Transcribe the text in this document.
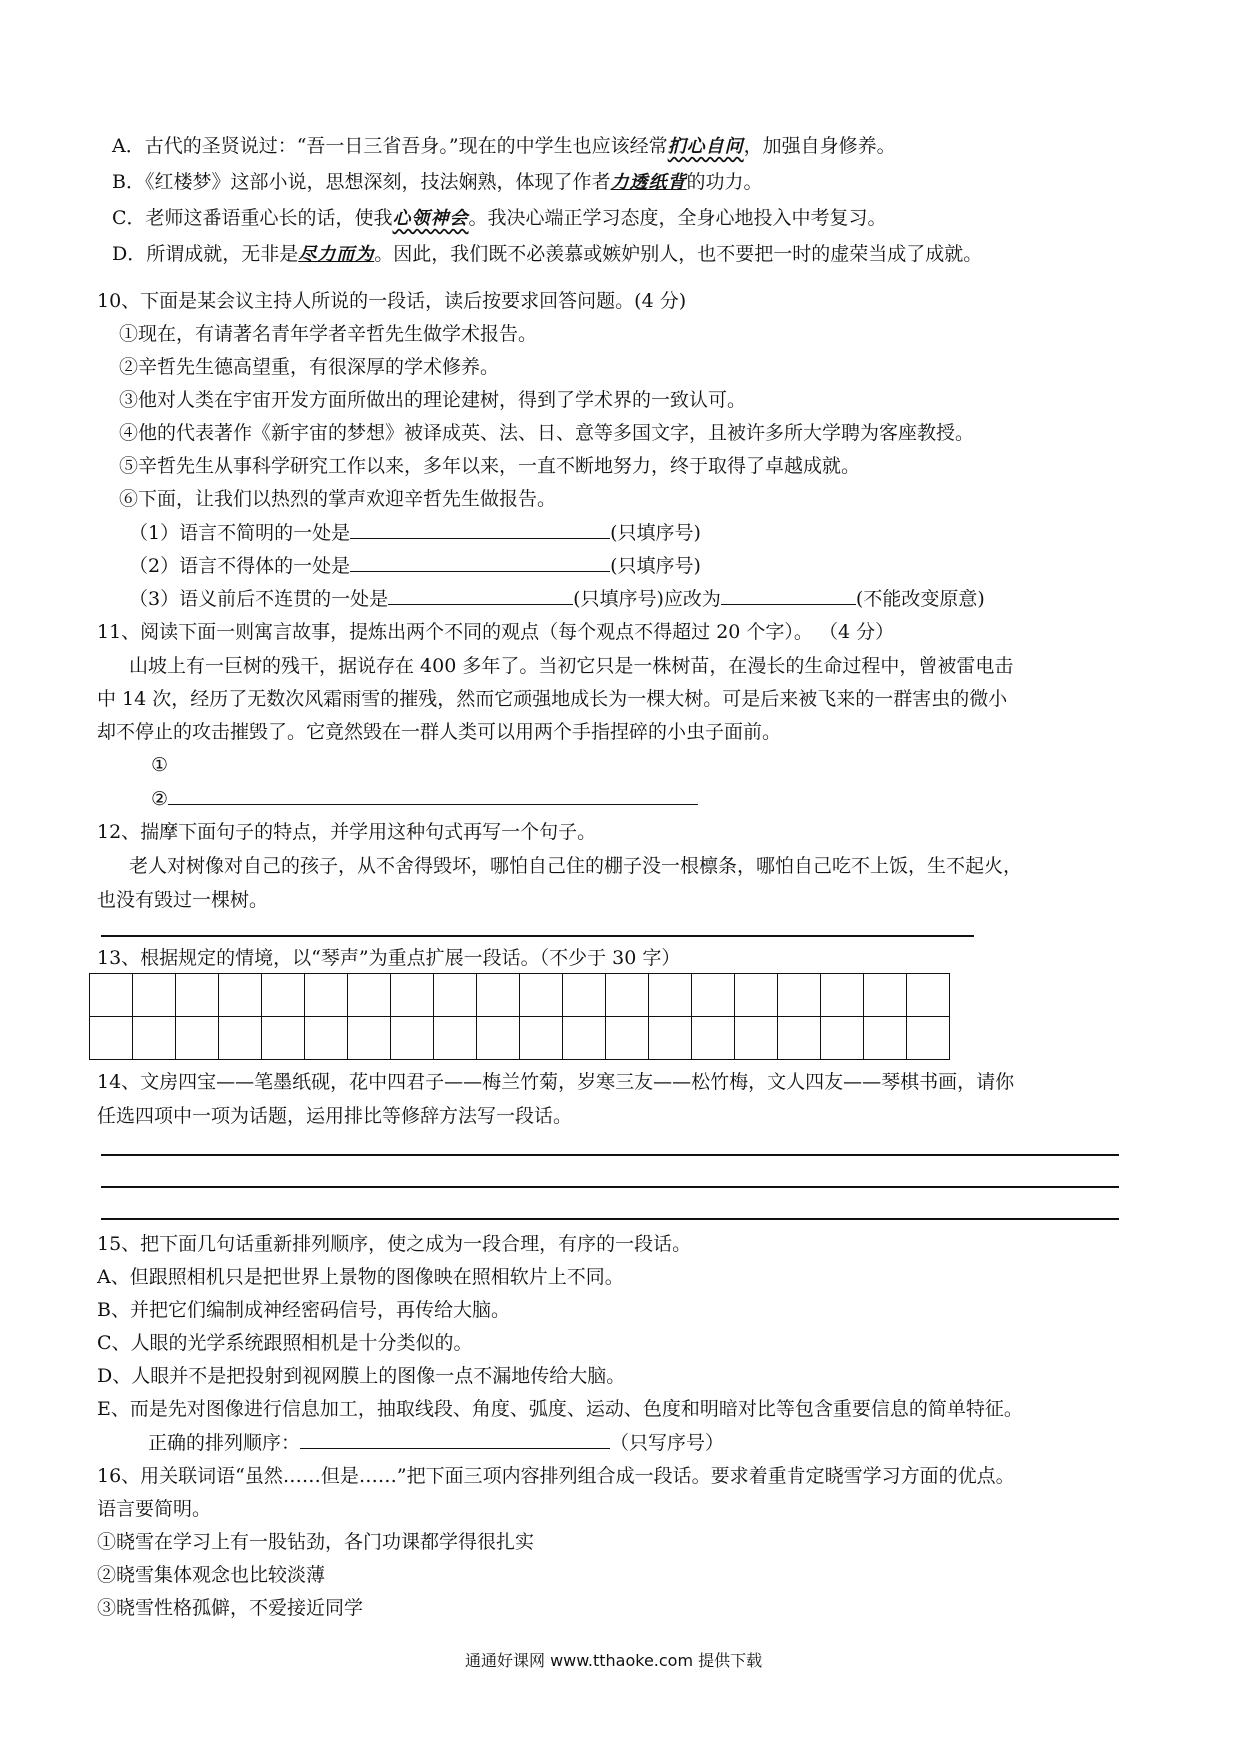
A．古代的圣贤说过：“吾一日三省吾身。”现在的中学生也应该经常扪心自问，加强自身修养。
B．《红楼梦》这部小说，思想深刻，技法娴熟，体现了作者力透纸背的功力。
C．老师这番语重心长的话，使我心领神会。我决心端正学习态度，全身心地投入中考复习。
D．所谓成就，无非是尽力而为。因此，我们既不必羡慕或嫉妒别人，也不要把一时的虚荣当成了成就。
10、下面是某会议主持人所说的一段话，读后按要求回答问题。(4 分)
①现在，有请著名青年学者辛哲先生做学术报告。
②辛哲先生德高望重，有很深厚的学术修养。
③他对人类在宇宙开发方面所做出的理论建树，得到了学术界的一致认可。
④他的代表著作《新宇宙的梦想》被译成英、法、日、意等多国文字，且被许多所大学聘为客座教授。
⑤辛哲先生从事科学研究工作以来，多年以来，一直不断地努力，终于取得了卓越成就。
⑥下面，让我们以热烈的掌声欢迎辛哲先生做报告。
（1）语言不简明的一处是	(只填序号)
（2）语言不得体的一处是	(只填序号)
（3）语义前后不连贯的一处是	(只填序号)应改为	(不能改变原意)
11、阅读下面一则寓言故事，提炼出两个不同的观点（每个观点不得超过 20 个字）。 （4 分）
山坡上有一巨树的残干，据说存在 400 多年了。当初它只是一株树苗，在漫长的生命过程中，曾被雷电击
中 14 次，经历了无数次风霜雨雪的摧残，然而它顽强地成长为一棵大树。可是后来被飞来的一群害虫的微小
却不停止的攻击摧毁了。它竟然毁在一群人类可以用两个手指捏碎的小虫子面前。
①
②
12、揣摩下面句子的特点，并学用这种句式再写一个句子。
老人对树像对自己的孩子，从不舍得毁坏，哪怕自己住的棚子没一根檩条，哪怕自己吃不上饭，生不起火，
也没有毁过一棵树。
13、根据规定的情境，以“琴声”为重点扩展一段话。（不少于 30 字）

14、文房四宝——笔墨纸砚，花中四君子——梅兰竹菊，岁寒三友——松竹梅，文人四友——琴棋书画，请你
任选四项中一项为话题，运用排比等修辞方法写一段话。
15、把下面几句话重新排列顺序，使之成为一段合理，有序的一段话。
A、但跟照相机只是把世界上景物的图像映在照相软片上不同。
B、并把它们编制成神经密码信号，再传给大脑。
C、人眼的光学系统跟照相机是十分类似的。
D、人眼并不是把投射到视网膜上的图像一点不漏地传给大脑。
E、而是先对图像进行信息加工，抽取线段、角度、弧度、运动、色度和明暗对比等包含重要信息的简单特征。
正确的排列顺序：	（只写序号）
16、用关联词语“虽然……但是……”把下面三项内容排列组合成一段话。要求着重肯定晓雪学习方面的优点。
语言要简明。
①晓雪在学习上有一股钻劲，各门功课都学得很扎实
②晓雪集体观念也比较淡薄
③晓雪性格孤僻，不爱接近同学
通通好课网 www.tthaoke.com 提供下载
